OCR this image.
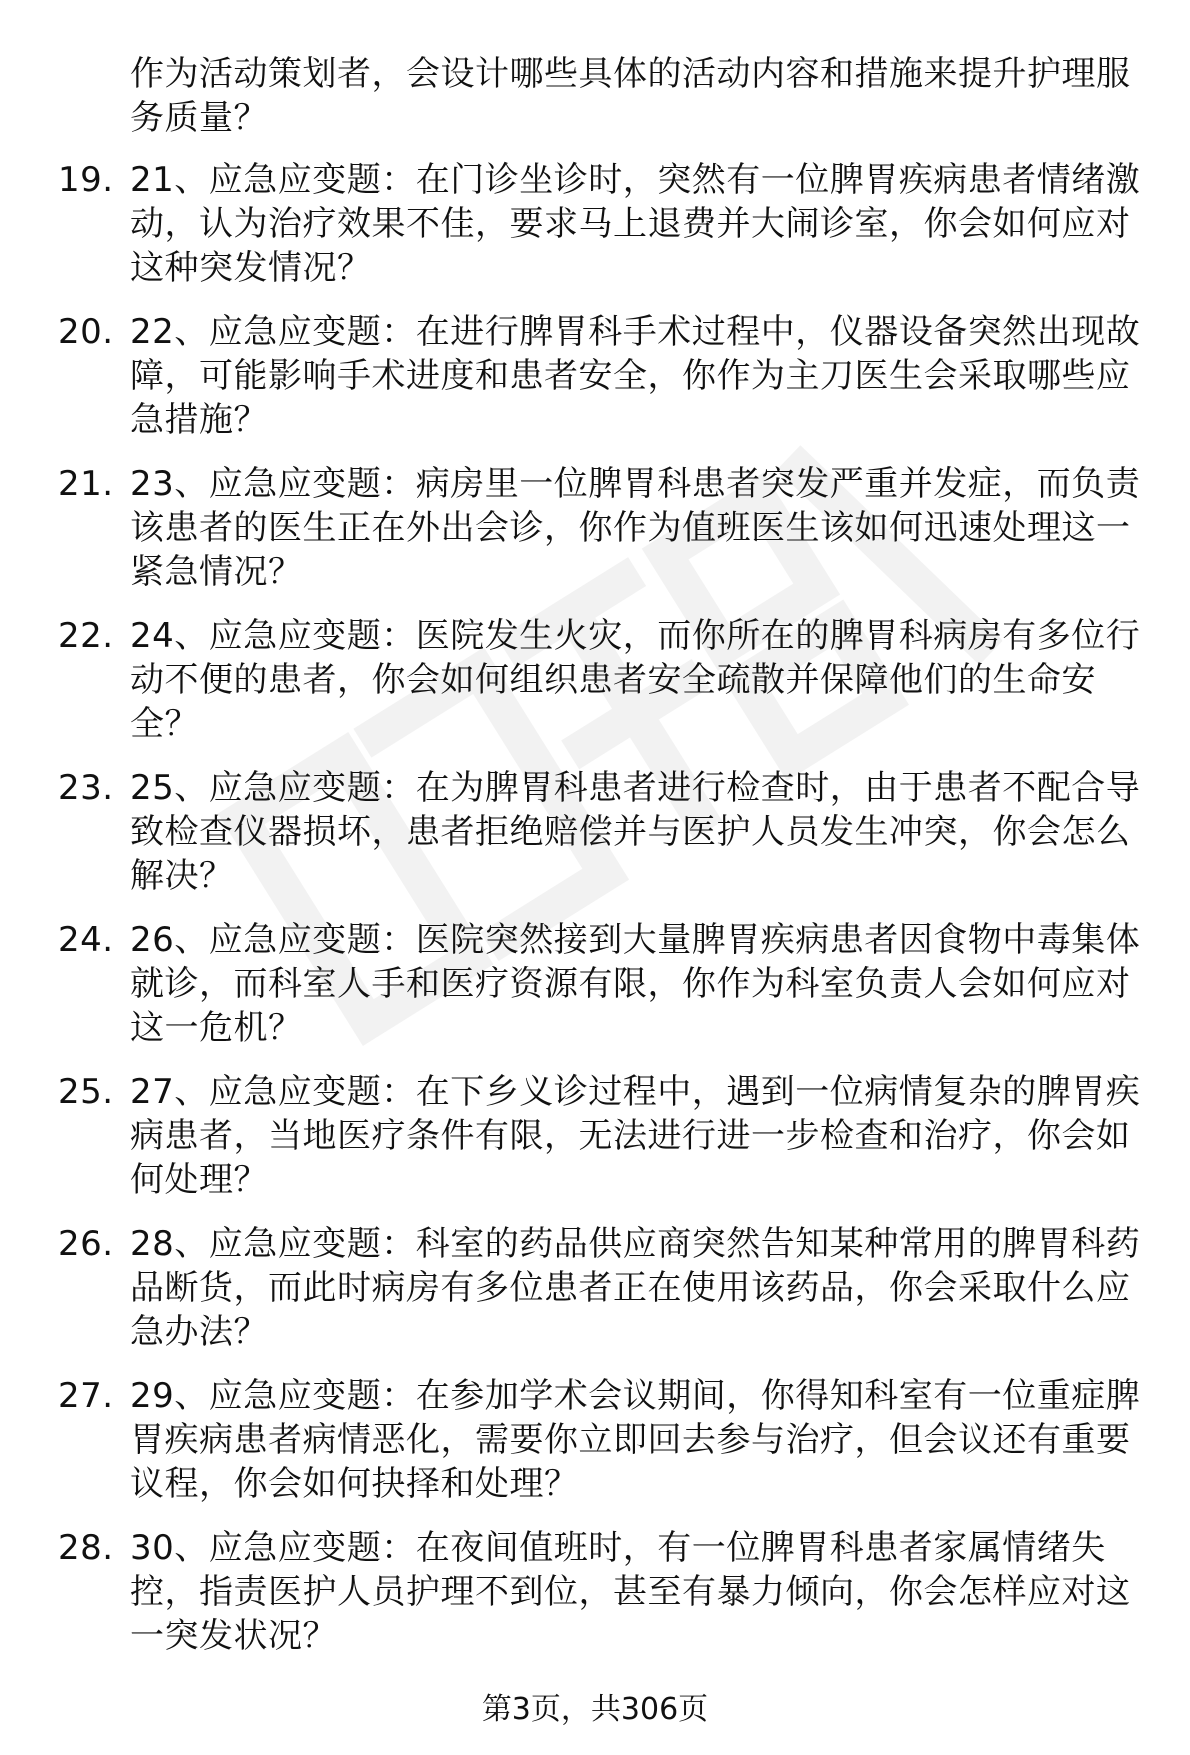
作为活动策划者，会设计哪些具体的活动内容和措施来提升护理服务质量？
19. 21、应急应变题：在门诊坐诊时，突然有一位脾胃疾病患者情绪激动，认为治疗效果不佳，要求马上退费并大闹诊室，你会如何应对这种突发情况？
20. 22、应急应变题：在进行脾胃科手术过程中，仪器设备突然出现故障，可能影响手术进度和患者安全，你作为主刀医生会采取哪些应急措施？
21. 23、应急应变题：病房里一位脾胃科患者突发严重并发症，而负责该患者的医生正在外出会诊，你作为值班医生该如何迅速处理这一紧急情况？
22. 24、应急应变题：医院发生火灾，而你所在的脾胃科病房有多位行动不便的患者，你会如何组织患者安全疏散并保障他们的生命安全？
23. 25、应急应变题：在为脾胃科患者进行检查时，由于患者不配合导致检查仪器损坏，患者拒绝赔偿并与医护人员发生冲突，你会怎么解决？
24. 26、应急应变题：医院突然接到大量脾胃疾病患者因食物中毒集体就诊，而科室人手和医疗资源有限，你作为科室负责人会如何应对这一危机？
25. 27、应急应变题：在下乡义诊过程中，遇到一位病情复杂的脾胃疾病患者，当地医疗条件有限，无法进行进一步检查和治疗，你会如何处理？
26. 28、应急应变题：科室的药品供应商突然告知某种常用的脾胃科药品断货，而此时病房有多位患者正在使用该药品，你会采取什么应急办法？
27. 29、应急应变题：在参加学术会议期间，你得知科室有一位重症脾胃疾病患者病情恶化，需要你立即回去参与治疗，但会议还有重要议程，你会如何抉择和处理？
28. 30、应急应变题：在夜间值班时，有一位脾胃科患者家属情绪失控，指责医护人员护理不到位，甚至有暴力倾向，你会怎样应对这一突发状况？
第3页，共306页
